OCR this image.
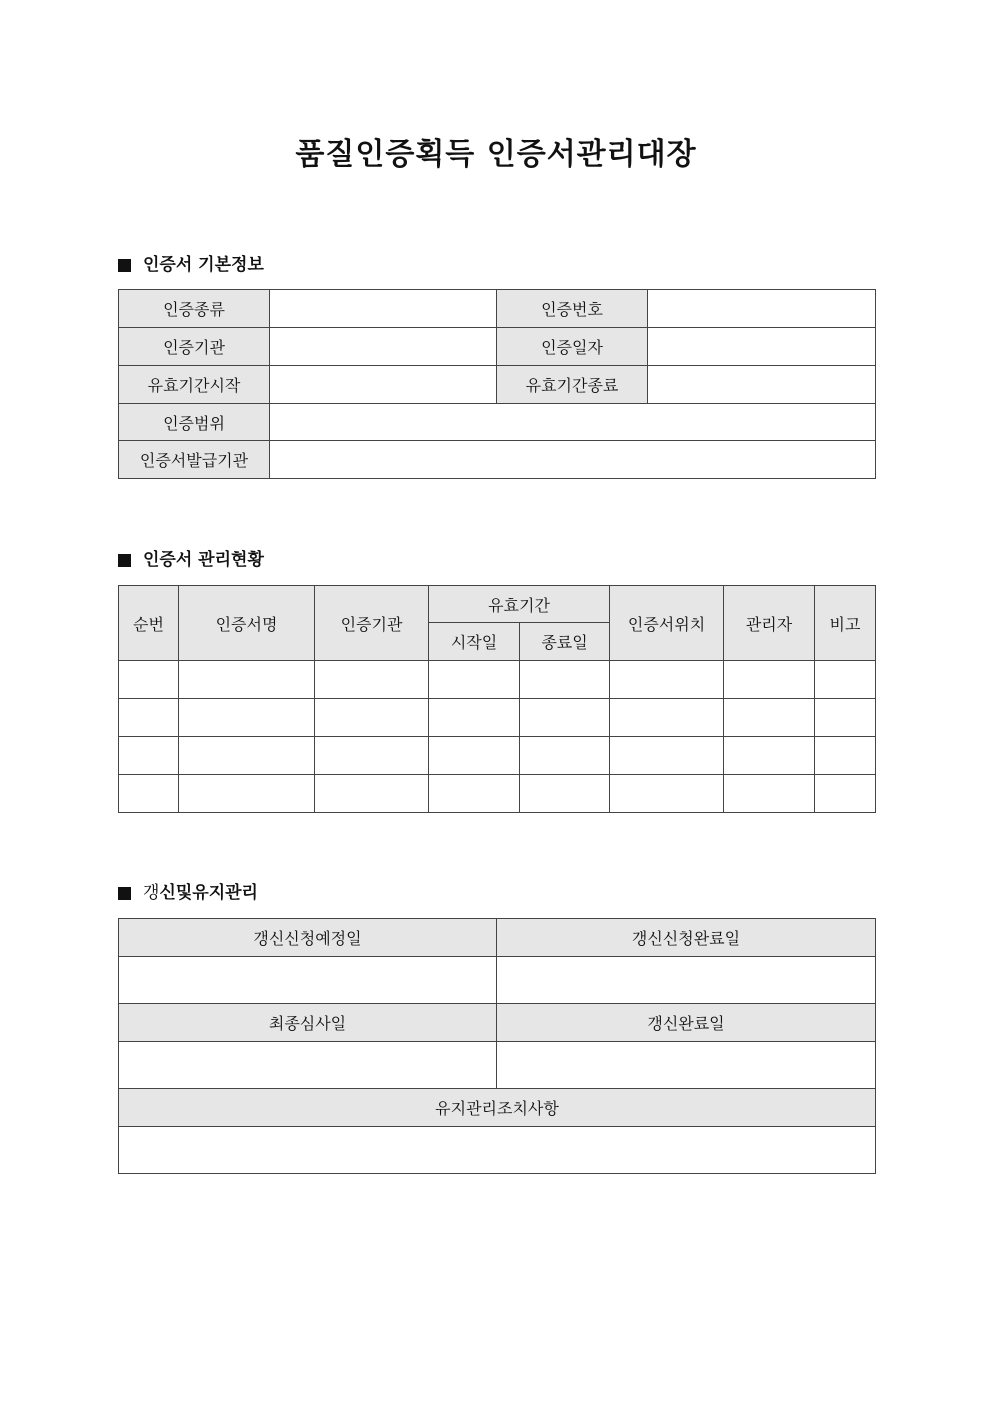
품질인증획득 인증서관리대장
인증서 기본정보
인증종류		인증번호	
인증기관		인증일자	
유효기간시작		유효기간종료	
인증범위			
인증서발급기관			
인증서 관리현황
순번	인증서명	인증기관	유효기간		인증서위치	관리자	비고
			시작일	종료일			

갱 신및유지관리
갱신신청예정일	갱신신청완료일

최종심사일	갱신완료일

유지관리조치사항	
